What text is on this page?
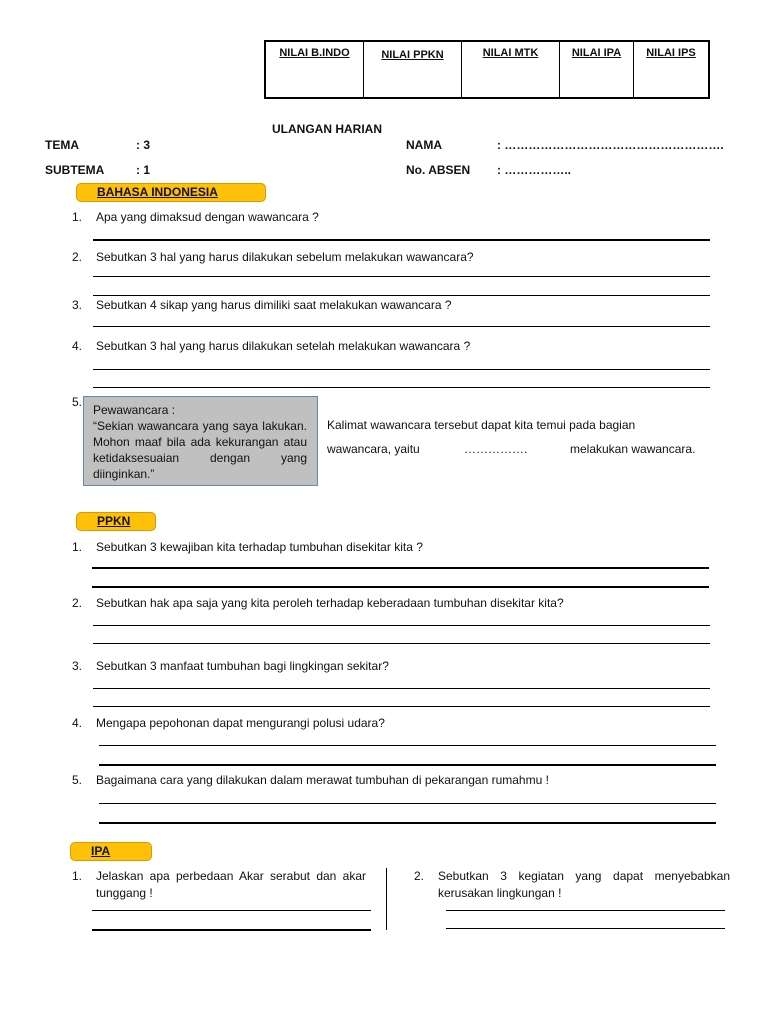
NILAI B.INDO	NILAI PPKN	NILAI MTK	NILAI IPA	NILAI IPS
ULANGAN HARIAN
TEMA	: 3
SUBTEMA	: 1
NAMA	: ……………………………………………….
No. ABSEN : ……………..
BAHASA INDONESIA
1.	Apa yang dimaksud dengan wawancara ?
2.	Sebutkan 3 hal yang harus dilakukan sebelum melakukan wawancara?
3.	Sebutkan 4 sikap yang harus dimiliki saat melakukan wawancara ?
4.	Sebutkan 3 hal yang harus dilakukan setelah melakukan wawancara ?
5.
Pewawancara :
“Sekian wawancara yang saya lakukan. Mohon maaf bila ada kekurangan atau ketidaksesuaian dengan yang diinginkan.”
Kalimat wawancara tersebut dapat kita temui pada bagian
wawancara, yaitu	…………….	melakukan wawancara.
PPKN
1.	Sebutkan 3 kewajiban kita terhadap tumbuhan disekitar kita ?
2.	Sebutkan hak apa saja yang kita peroleh terhadap keberadaan tumbuhan disekitar kita?
3.	Sebutkan 3 manfaat tumbuhan bagi lingkingan sekitar?
4.	Mengapa pepohonan dapat mengurangi polusi udara?
5.	Bagaimana cara yang dilakukan dalam merawat tumbuhan di pekarangan rumahmu !
IPA
1.	Jelaskan apa perbedaan Akar serabut dan akar tunggang !
2.	Sebutkan 3 kegiatan yang dapat menyebabkan kerusakan lingkungan !
